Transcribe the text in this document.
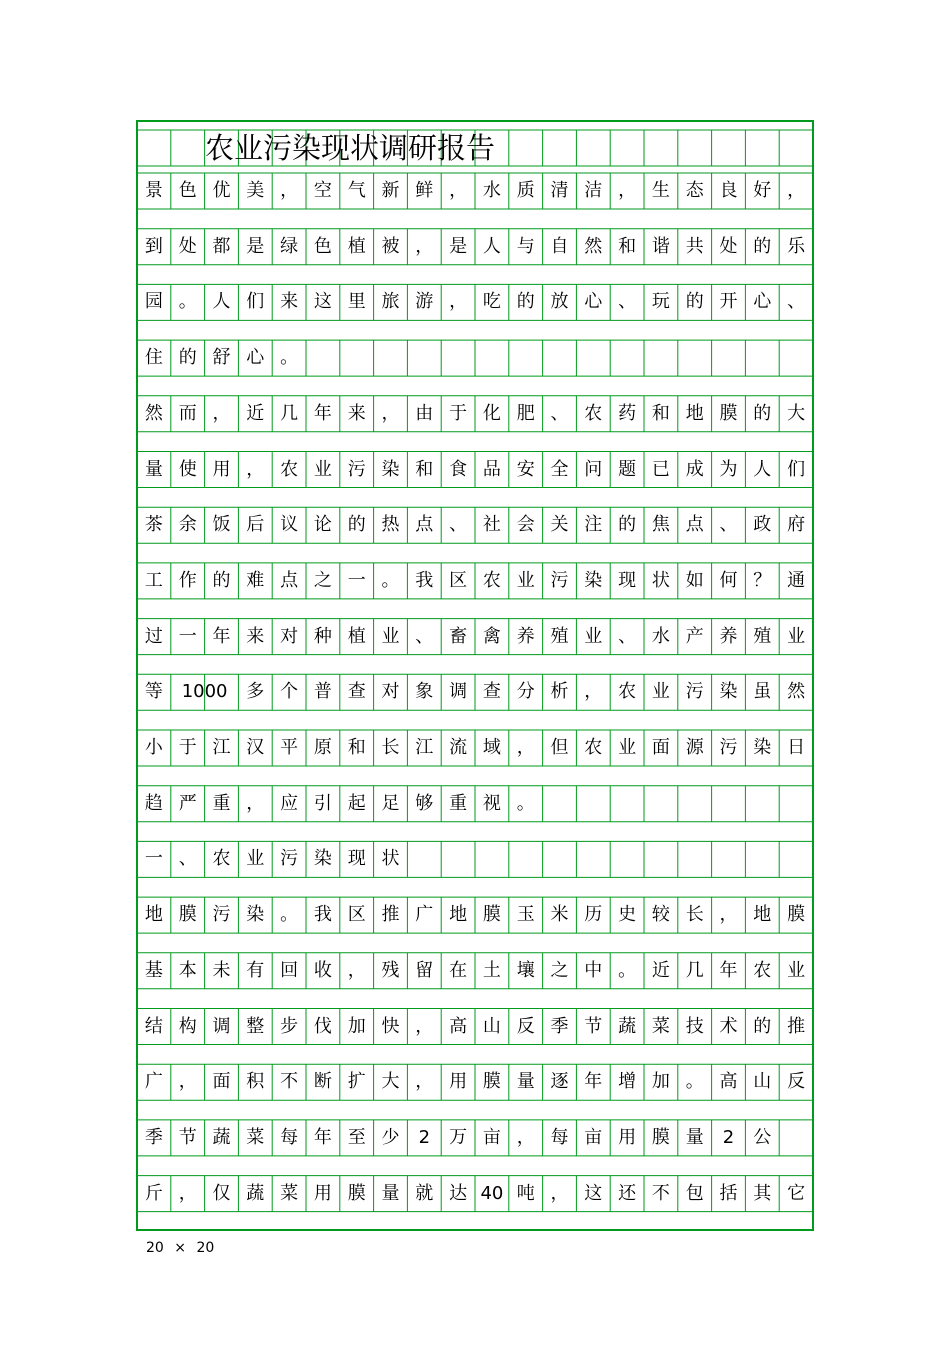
农业污染现状调研报告
景 色 优 美 ， 空 气 新 鲜 ， 水 质 清 洁 ， 生 态 良 好 ，
到 处 都 是 绿 色 植 被 ， 是 人 与 自 然 和 谐 共 处 的 乐
园 。 人 们 来 这 里 旅 游 ， 吃 的 放 心 、 玩 的 开 心 、
住 的 舒 心 。
然 而 ， 近 几 年 来 ， 由 于 化 肥 、 农 药 和 地 膜 的 大
量 使 用 ， 农 业 污 染 和 食 品 安 全 问 题 已 成 为 人 们
茶 余 饭 后 议 论 的 热 点 、 社 会 关 注 的 焦 点 、 政 府
工 作 的 难 点 之 一 。 我 区 农 业 污 染 现 状 如 何 ？ 通
过 一 年 来 对 种 植 业 、 畜 禽 养 殖 业 、 水 产 养 殖 业
等	1000	多 个 普 查 对 象 调 查 分 析 ， 农 业 污 染 虽 然
小 于 江 汉 平 原 和 长 江 流 域 ， 但 农 业 面 源 污 染 日
趋 严 重 ， 应 引 起 足 够 重 视 。
一 、 农 业 污 染 现 状
地 膜 污 染 。 我 区 推 广 地 膜 玉 米 历 史 较 长 ， 地 膜
基 本 未 有 回 收 ， 残 留 在 土 壤 之 中 。 近 几 年 农 业
结 构 调 整 步 伐 加 快 ， 高 山 反 季 节 蔬 菜 技 术 的 推
广 ， 面 积 不 断 扩 大 ， 用 膜 量 逐 年 增 加 。 高 山 反
季 节 蔬 菜 每 年 至 少	2	万 亩 ， 每 亩 用 膜 量	2	公
斤 ， 仅 蔬 菜 用 膜 量 就 达 40 吨 ， 这 还 不 包 括 其 它
20 × 20
